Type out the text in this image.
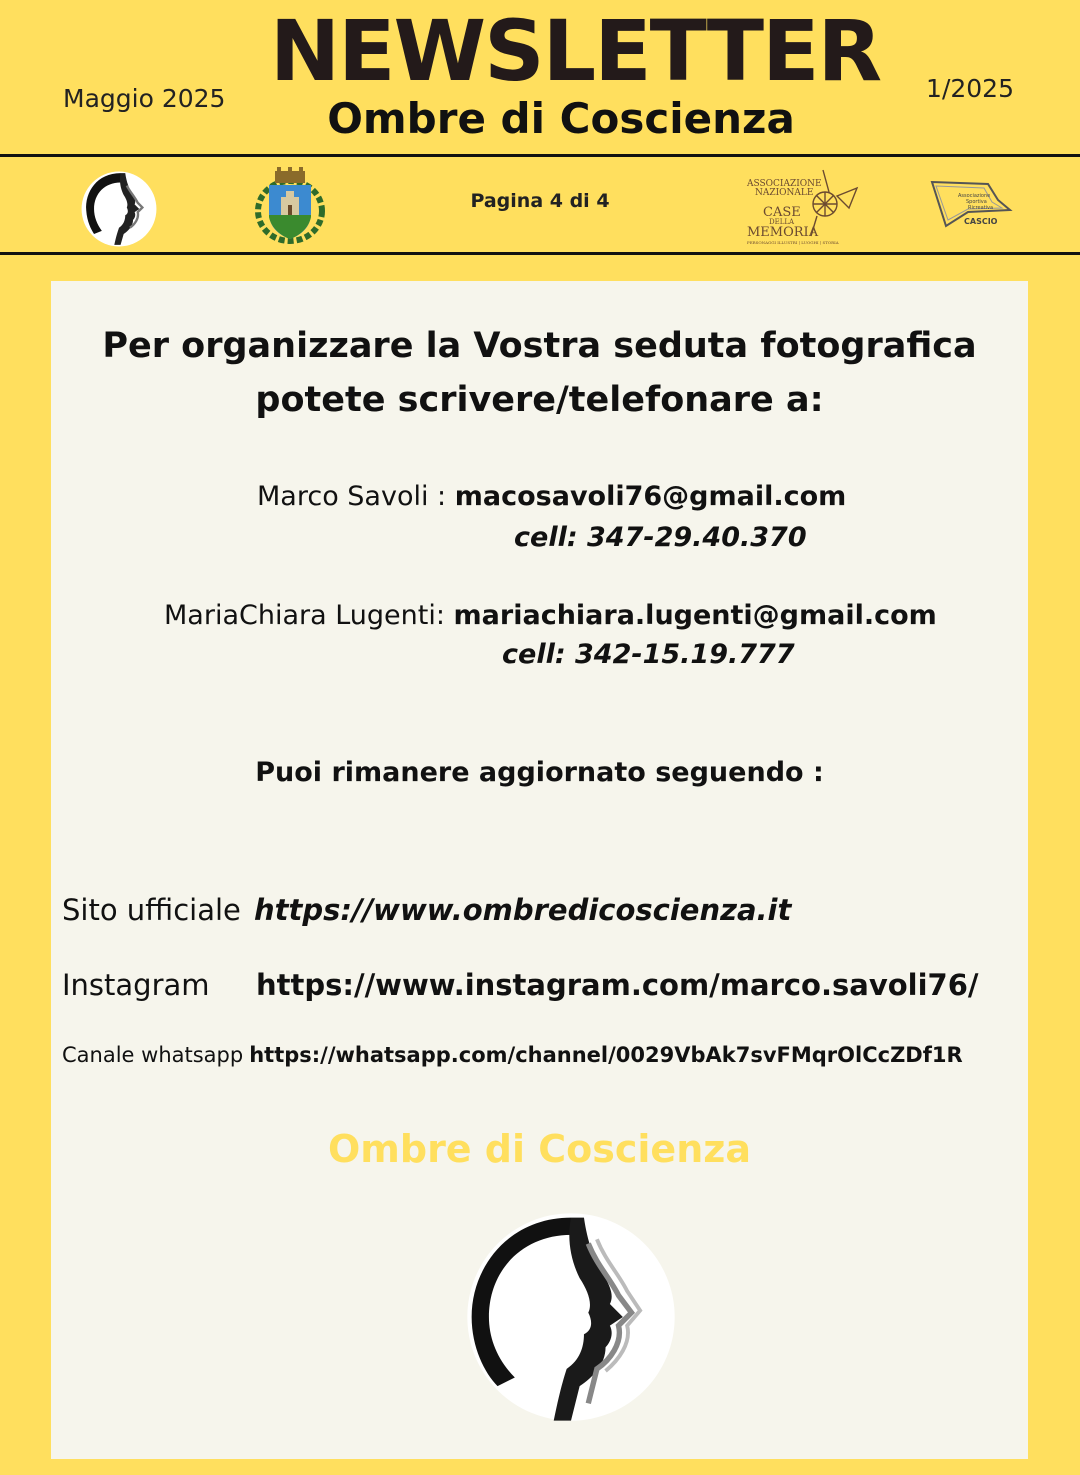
NEWSLETTER
Ombre di Coscienza
Maggio 2025	1/2025
Pagina 4 di 4
ASSOCIAZIONE
NAZIONALE
CASE
DELLA
MEMORIA
PERSONAGGI ILLUSTRI | LUOGHI | STORIA
Associazione
Sportiva
Ricreativa
CASCIO
Per organizzare la Vostra seduta fotografica
potete scrivere/telefonare a:
Marco Savoli : macosavoli76@gmail.com
cell: 347-29.40.370
MariaChiara Lugenti: mariachiara.lugenti@gmail.com
cell: 342-15.19.777
Puoi rimanere aggiornato seguendo :
Sito ufficiale https://www.ombredicoscienza.it
Instagram https://www.instagram.com/marco.savoli76/
Canale whatsapp https://whatsapp.com/channel/0029VbAk7svFMqrOlCcZDf1R
Ombre di Coscienza
